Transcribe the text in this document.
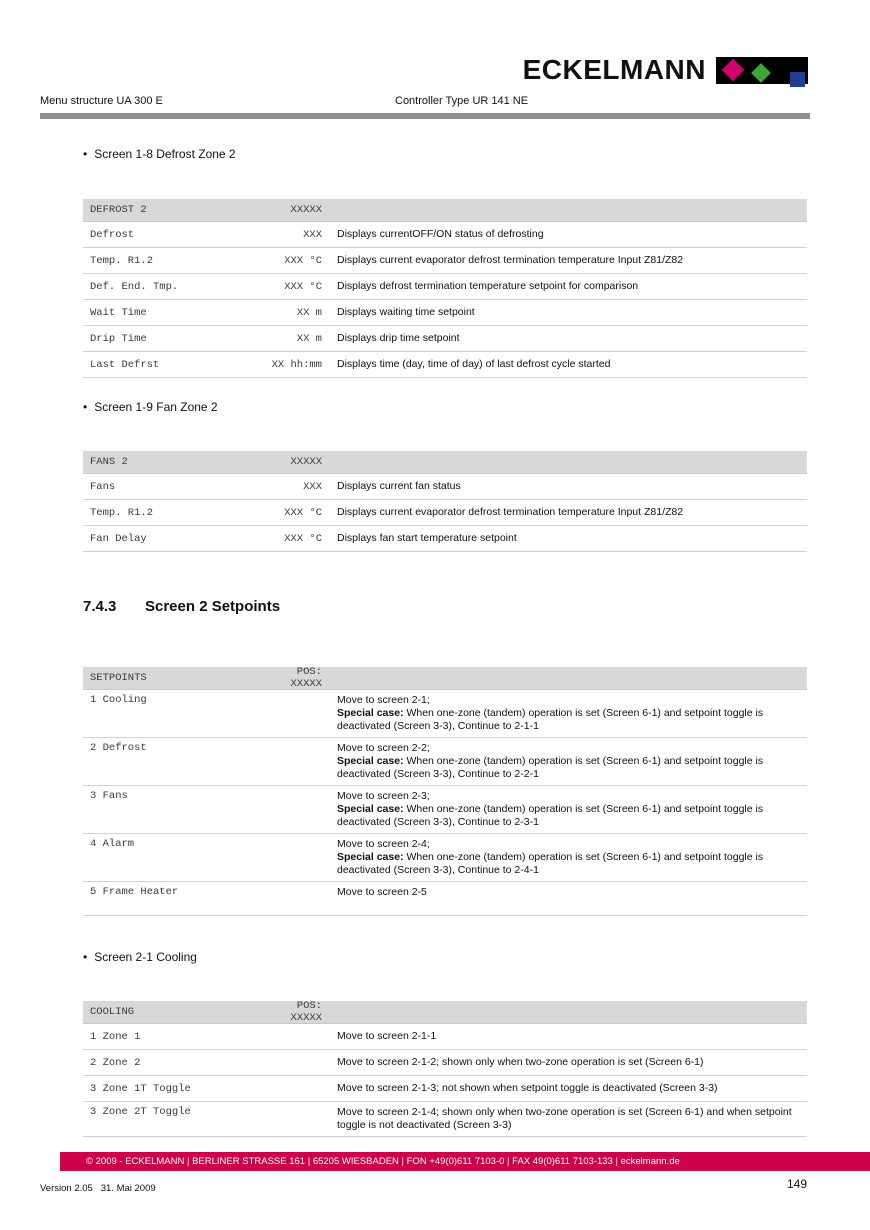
ECKELMANN
Menu structure UA 300 E	Controller Type UR 141 NE
• Screen 1-8 Defrost Zone 2
DEFROST 2	XXXXX
Defrost	XXX Displays currentOFF/ON status of defrosting
Temp. R1.2	XXX °C Displays current evaporator defrost termination temperature Input Z81/Z82
Def. End. Tmp.	XXX °C Displays defrost termination temperature setpoint for comparison
Wait Time	XX m Displays waiting time setpoint
Drip Time	XX m Displays drip time setpoint
Last Defrst	XX hh:mm Displays time (day, time of day) of last defrost cycle started
• Screen 1-9 Fan Zone 2
FANS 2	XXXXX
Fans	XXX Displays current fan status
Temp. R1.2	XXX °C Displays current evaporator defrost termination temperature Input Z81/Z82
Fan Delay	XXX °C Displays fan start temperature setpoint
7.4.3 Screen 2 Setpoints
SETPOINTS	POS: XXXXX
1 Cooling	Move to screen 2-1;
Special case: When one-zone (tandem) operation is set (Screen 6-1) and setpoint toggle is deactivated (Screen 3-3), Continue to 2-1-1
2 Defrost	Move to screen 2-2;
Special case: When one-zone (tandem) operation is set (Screen 6-1) and setpoint toggle is deactivated (Screen 3-3), Continue to 2-2-1
3 Fans	Move to screen 2-3;
Special case: When one-zone (tandem) operation is set (Screen 6-1) and setpoint toggle is deactivated (Screen 3-3), Continue to 2-3-1
4 Alarm	Move to screen 2-4;
Special case: When one-zone (tandem) operation is set (Screen 6-1) and setpoint toggle is deactivated (Screen 3-3), Continue to 2-4-1
5 Frame Heater	Move to screen 2-5
• Screen 2-1 Cooling
COOLING	POS: XXXXX
1 Zone 1	Move to screen 2-1-1
2 Zone 2	Move to screen 2-1-2; shown only when two-zone operation is set (Screen 6-1)
3 Zone 1T Toggle	Move to screen 2-1-3; not shown when setpoint toggle is deactivated (Screen 3-3)
3 Zone 2T Toggle	Move to screen 2-1-4; shown only when two-zone operation is set (Screen 6-1) and when setpoint toggle is not deactivated (Screen 3-3)
© 2009 - ECKELMANN | BERLINER STRASSE 161 | 65205 WIESBADEN | FON +49(0)611 7103-0 | FAX 49(0)611 7103-133 | eckelmann.de
Version 2.05   31. Mai 2009	149
